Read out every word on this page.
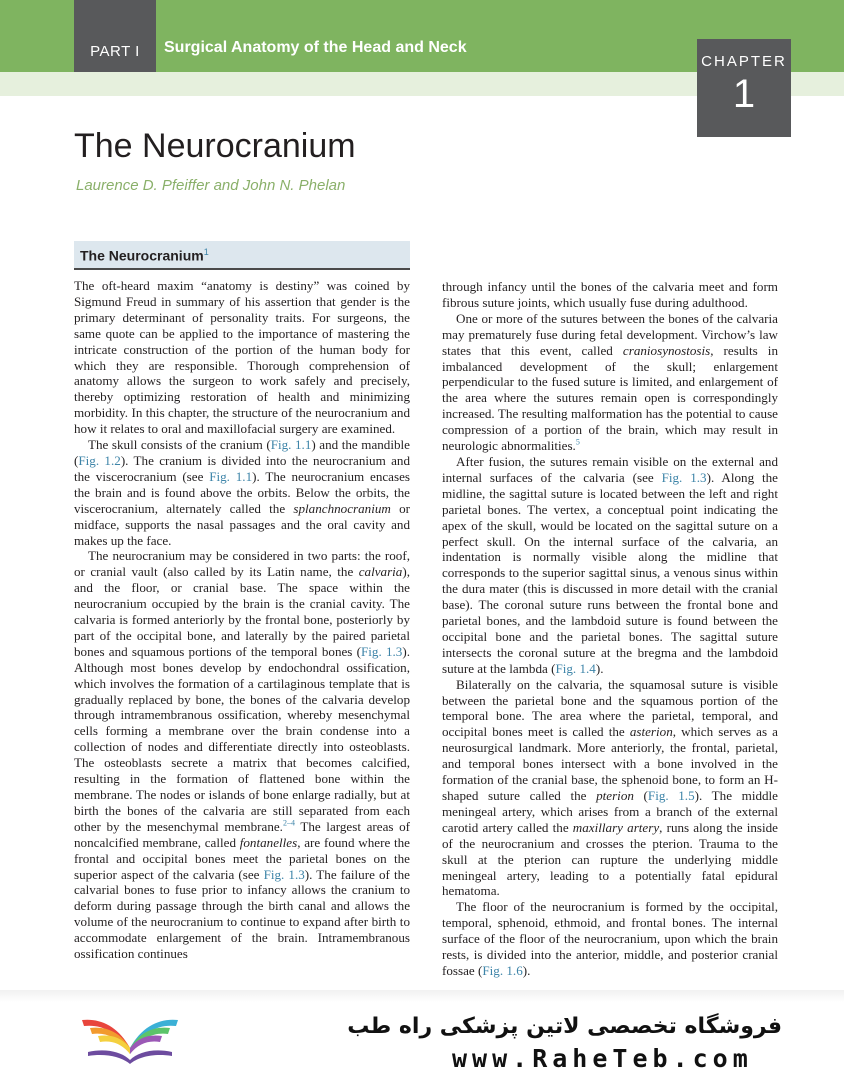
PART I Surgical Anatomy of the Head and Neck
CHAPTER
1
The Neurocranium
Laurence D. Pfeiffer and John N. Phelan
The Neurocranium$^1$

The oft-heard maxim “anatomy is destiny” was coined by Sigmund Freud in summary of his assertion that gender is the primary determinant of personality traits. For surgeons, the same quote can be applied to the importance of mastering the intricate construction of the portion of the human body for which they are responsible. Thorough comprehension of anatomy allows the surgeon to work safely and precisely, thereby optimizing restoration of health and minimizing morbidity. In this chapter, the structure of the neurocranium and how it relates to oral and maxillofacial surgery are examined.

The skull consists of the cranium (Fig. 1.1) and the mandible (Fig. 1.2). The cranium is divided into the neurocranium and the viscerocranium (see Fig. 1.1). The neurocranium encases the brain and is found above the orbits. Below the orbits, the viscerocranium, alternately called the splanchnocranium or midface, supports the nasal passages and the oral cavity and makes up the face.

The neurocranium may be considered in two parts: the roof, or cranial vault (also called by its Latin name, the calvaria), and the floor, or cranial base. The space within the neurocranium occupied by the brain is the cranial cavity. The calvaria is formed anteriorly by the frontal bone, posteriorly by part of the occipital bone, and laterally by the paired parietal bones and squamous portions of the temporal bones (Fig. 1.3). Although most bones develop by endochondral ossification, which involves the formation of a cartilaginous template that is gradually replaced by bone, the bones of the calvaria develop through intramembranous ossification, whereby mesenchymal cells forming a membrane over the brain condense into a collection of nodes and differentiate directly into osteoblasts. The osteoblasts secrete a matrix that becomes calcified, resulting in the formation of flattened bone within the membrane. The nodes or islands of bone enlarge radially, but at birth the bones of the calvaria are still separated from each other by the mesenchymal membrane.$^{2-4}$ The largest areas of noncalcified membrane, called fontanelles, are found where the frontal and occipital bones meet the parietal bones on the superior aspect of the calvaria (see Fig. 1.3). The failure of the calvarial bones to fuse prior to infancy allows the cranium to deform during passage through the birth canal and allows the volume of the neurocranium to continue to expand after birth to accommodate enlargement of the brain. Intramembranous ossification continues

through infancy until the bones of the calvaria meet and form fibrous suture joints, which usually fuse during adulthood.

One or more of the sutures between the bones of the calvaria may prematurely fuse during fetal development. Virchow’s law states that this event, called craniosynostosis, results in imbalanced development of the skull; enlargement perpendicular to the fused suture is limited, and enlargement of the area where the sutures remain open is correspondingly increased. The resulting malformation has the potential to cause compression of a portion of the brain, which may result in neurologic abnormalities.$^5$

After fusion, the sutures remain visible on the external and internal surfaces of the calvaria (see Fig. 1.3). Along the midline, the sagittal suture is located between the left and right parietal bones. The vertex, a conceptual point indicating the apex of the skull, would be located on the sagittal suture on a perfect skull. On the internal surface of the calvaria, an indentation is normally visible along the midline that corresponds to the superior sagittal sinus, a venous sinus within the dura mater (this is discussed in more detail with the cranial base). The coronal suture runs between the frontal bone and parietal bones, and the lambdoid suture is found between the occipital bone and the parietal bones. The sagittal suture intersects the coronal suture at the bregma and the lambdoid suture at the lambda (Fig. 1.4).

Bilaterally on the calvaria, the squamosal suture is visible between the parietal bone and the squamous portion of the temporal bone. The area where the parietal, temporal, and occipital bones meet is called the asterion, which serves as a neurosurgical landmark. More anteriorly, the frontal, parietal, and temporal bones intersect with a bone involved in the formation of the cranial base, the sphenoid bone, to form an H-shaped suture called the pterion (Fig. 1.5). The middle meningeal artery, which arises from a branch of the external carotid artery called the maxillary artery, runs along the inside of the neurocranium and crosses the pterion. Trauma to the skull at the pterion can rupture the underlying middle meningeal artery, leading to a potentially fatal epidural hematoma.

The floor of the neurocranium is formed by the occipital, temporal, sphenoid, ethmoid, and frontal bones. The internal surface of the floor of the neurocranium, upon which the brain rests, is divided into the anterior, middle, and posterior cranial fossae (Fig. 1.6).

فروشگاه تخصصی لاتین پزشکی راه طب
www.RaheTeb.com
